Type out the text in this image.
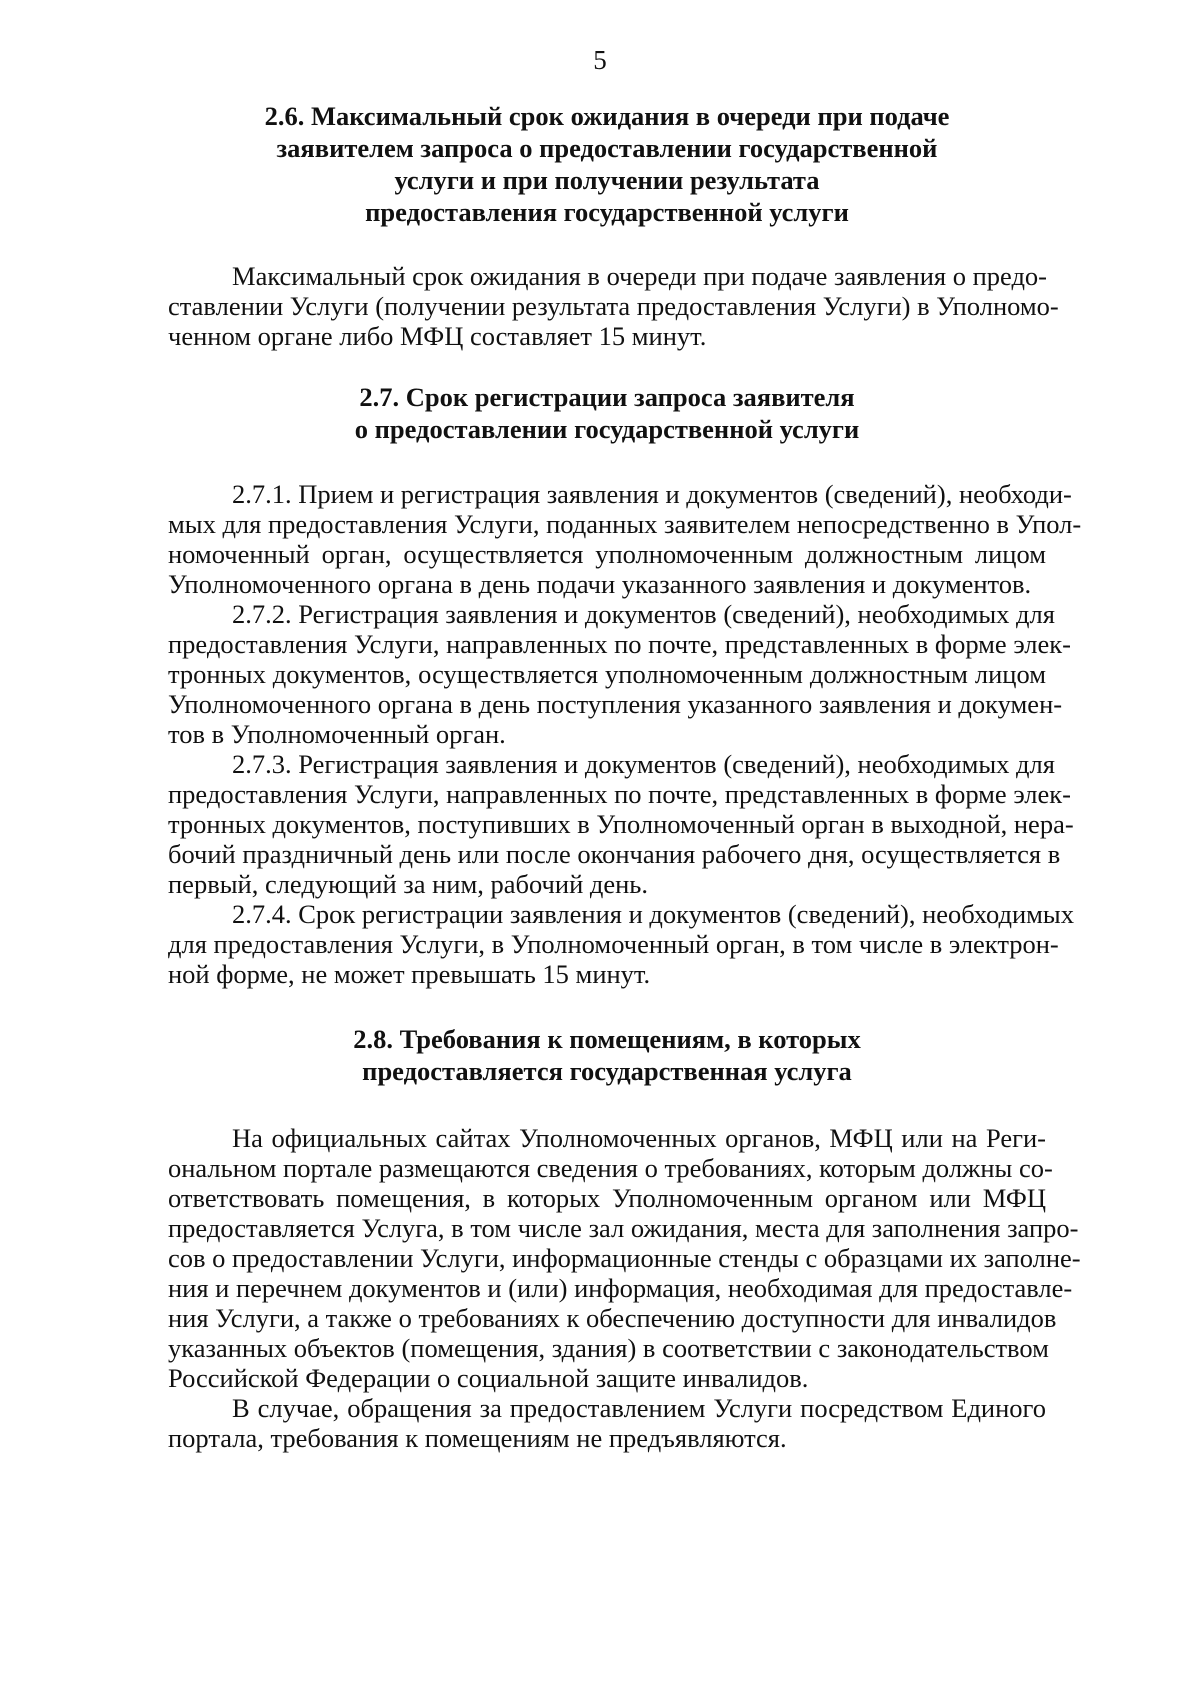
5
2.6. Максимальный срок ожидания в очереди при подаче
заявителем запроса о предоставлении государственной
услуги и при получении результата
предоставления государственной услуги

Максимальный срок ожидания в очереди при подаче заявления о предо-
ставлении Услуги (получении результата предоставления Услуги) в Уполномо-
ченном органе либо МФЦ составляет 15 минут.

2.7. Срок регистрации запроса заявителя
о предоставлении государственной услуги

2.7.1. Прием и регистрация заявления и документов (сведений), необходи-
мых для предоставления Услуги, поданных заявителем непосредственно в Упол-
номоченный орган, осуществляется уполномоченным должностным лицом
Уполномоченного органа в день подачи указанного заявления и документов.

2.7.2. Регистрация заявления и документов (сведений), необходимых для
предоставления Услуги, направленных по почте, представленных в форме элек-
тронных документов, осуществляется уполномоченным должностным лицом
Уполномоченного органа в день поступления указанного заявления и докумен-
тов в Уполномоченный орган.

2.7.3. Регистрация заявления и документов (сведений), необходимых для
предоставления Услуги, направленных по почте, представленных в форме элек-
тронных документов, поступивших в Уполномоченный орган в выходной, нера-
бочий праздничный день или после окончания рабочего дня, осуществляется в
первый, следующий за ним, рабочий день.

2.7.4. Срок регистрации заявления и документов (сведений), необходимых
для предоставления Услуги, в Уполномоченный орган, в том числе в электрон-
ной форме, не может превышать 15 минут.

2.8. Требования к помещениям, в которых
предоставляется государственная услуга

На официальных сайтах Уполномоченных органов, МФЦ или на Реги-
ональном портале размещаются сведения о требованиях, которым должны со-
ответствовать помещения, в которых Уполномоченным органом или МФЦ
предоставляется Услуга, в том числе зал ожидания, места для заполнения запро-
сов о предоставлении Услуги, информационные стенды с образцами их заполне-
ния и перечнем документов и (или) информация, необходимая для предоставле-
ния Услуги, а также о требованиях к обеспечению доступности для инвалидов
указанных объектов (помещения, здания) в соответствии с законодательством
Российской Федерации о социальной защите инвалидов.

В случае, обращения за предоставлением Услуги посредством Единого
портала, требования к помещениям не предъявляются.
